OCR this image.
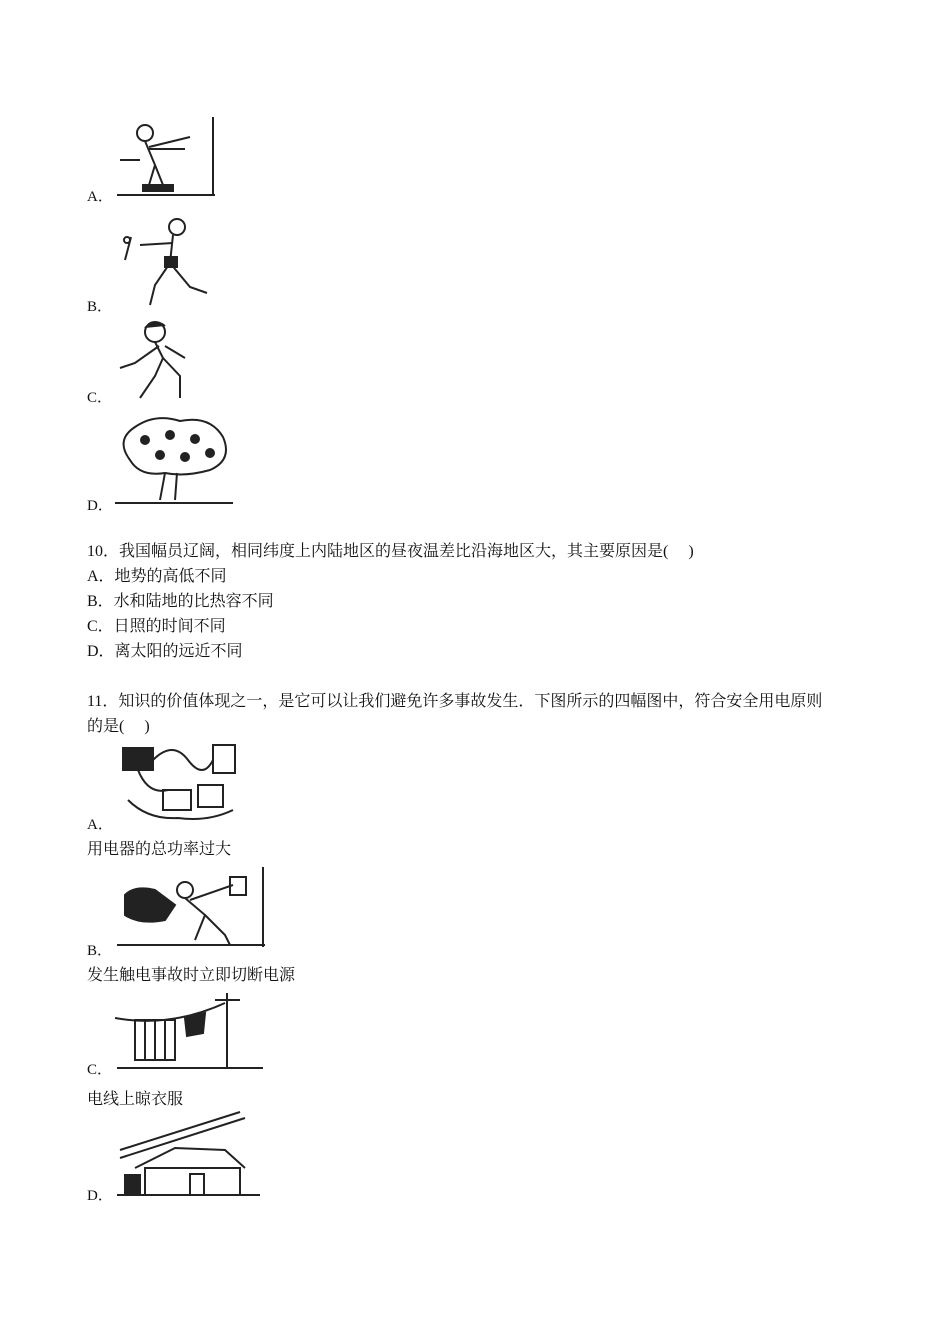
A．
B．
C．
D．
10．我国幅员辽阔，相同纬度上内陆地区的昼夜温差比沿海地区大，其主要原因是(　 )
A．地势的高低不同
B．水和陆地的比热容不同
C．日照的时间不同
D．离太阳的远近不同
11．知识的价值体现之一，是它可以让我们避免许多事故发生．下图所示的四幅图中，符合安全用电原则
的是(　 )
A．
用电器的总功率过大
B．
发生触电事故时立即切断电源
C．
电线上晾衣服
D．
